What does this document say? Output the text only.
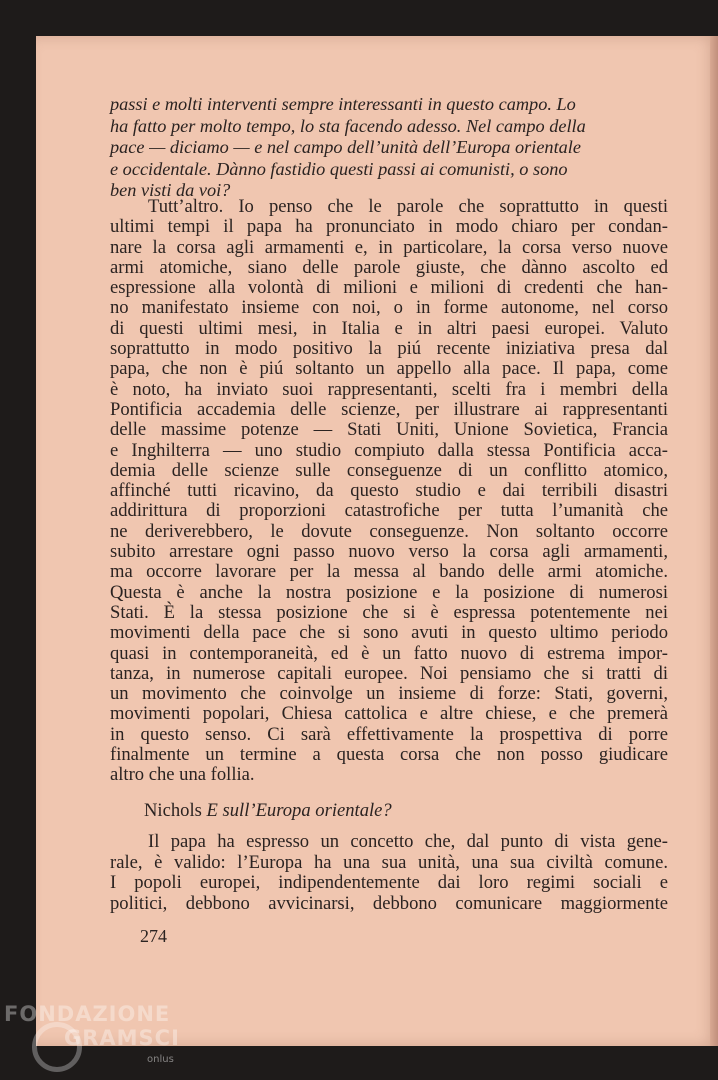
passi e molti interventi sempre interessanti in questo campo. Lo
ha fatto per molto tempo, lo sta facendo adesso. Nel campo della
pace — diciamo — e nel campo dell’unità dell’Europa orientale
e occidentale. Dànno fastidio questi passi ai comunisti, o sono
ben visti da voi?
Tutt’altro. Io penso che le parole che soprattutto in questi
ultimi tempi il papa ha pronunciato in modo chiaro per condan-
nare la corsa agli armamenti e, in particolare, la corsa verso nuove
armi atomiche, siano delle parole giuste, che dànno ascolto ed
espressione alla volontà di milioni e milioni di credenti che han-
no manifestato insieme con noi, o in forme autonome, nel corso
di questi ultimi mesi, in Italia e in altri paesi europei. Valuto
soprattutto in modo positivo la piú recente iniziativa presa dal
papa, che non è piú soltanto un appello alla pace. Il papa, come
è noto, ha inviato suoi rappresentanti, scelti fra i membri della
Pontificia accademia delle scienze, per illustrare ai rappresentanti
delle massime potenze — Stati Uniti, Unione Sovietica, Francia
e Inghilterra — uno studio compiuto dalla stessa Pontificia acca-
demia delle scienze sulle conseguenze di un conflitto atomico,
affinché tutti ricavino, da questo studio e dai terribili disastri
addirittura di proporzioni catastrofiche per tutta l’umanità che
ne deriverebbero, le dovute conseguenze. Non soltanto occorre
subito arrestare ogni passo nuovo verso la corsa agli armamenti,
ma occorre lavorare per la messa al bando delle armi atomiche.
Questa è anche la nostra posizione e la posizione di numerosi
Stati. È la stessa posizione che si è espressa potentemente nei
movimenti della pace che si sono avuti in questo ultimo periodo
quasi in contemporaneità, ed è un fatto nuovo di estrema impor-
tanza, in numerose capitali europee. Noi pensiamo che si tratti di
un movimento che coinvolge un insieme di forze: Stati, governi,
movimenti popolari, Chiesa cattolica e altre chiese, e che premerà
in questo senso. Ci sarà effettivamente la prospettiva di porre
finalmente un termine a questa corsa che non posso giudicare
altro che una follia.
Nichols E sull’Europa orientale?
Il papa ha espresso un concetto che, dal punto di vista gene-
rale, è valido: l’Europa ha una sua unità, una sua civiltà comune.
I popoli europei, indipendentemente dai loro regimi sociali e
politici, debbono avvicinarsi, debbono comunicare maggiormente
274
FONDAZIONE
GRAMSCI
onlus
